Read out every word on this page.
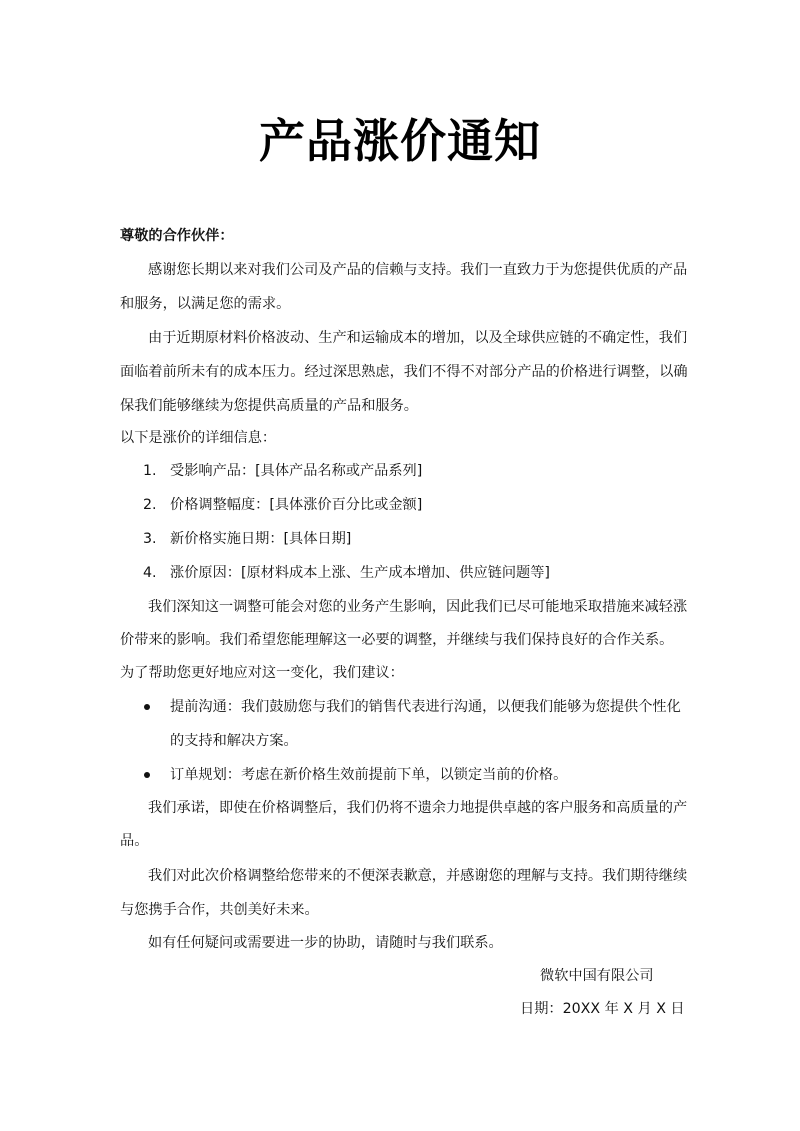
产品涨价通知
尊敬的合作伙伴：
感谢您长期以来对我们公司及产品的信赖与支持。我们一直致力于为您提供优质的产品
和服务，以满足您的需求。
由于近期原材料价格波动、生产和运输成本的增加，以及全球供应链的不确定性，我们
面临着前所未有的成本压力。经过深思熟虑，我们不得不对部分产品的价格进行调整，以确
保我们能够继续为您提供高质量的产品和服务。
以下是涨价的详细信息：
1. 受影响产品：[具体产品名称或产品系列]
2. 价格调整幅度：[具体涨价百分比或金额]
3. 新价格实施日期：[具体日期]
4. 涨价原因：[原材料成本上涨、生产成本增加、供应链问题等]
我们深知这一调整可能会对您的业务产生影响，因此我们已尽可能地采取措施来减轻涨
价带来的影响。我们希望您能理解这一必要的调整，并继续与我们保持良好的合作关系。
为了帮助您更好地应对这一变化，我们建议：
提前沟通：我们鼓励您与我们的销售代表进行沟通，以便我们能够为您提供个性化
的支持和解决方案。
订单规划：考虑在新价格生效前提前下单，以锁定当前的价格。
我们承诺，即使在价格调整后，我们仍将不遗余力地提供卓越的客户服务和高质量的产
品。
我们对此次价格调整给您带来的不便深表歉意，并感谢您的理解与支持。我们期待继续
与您携手合作，共创美好未来。
如有任何疑问或需要进一步的协助，请随时与我们联系。
微软中国有限公司
日期：20XX 年 X 月 X 日
